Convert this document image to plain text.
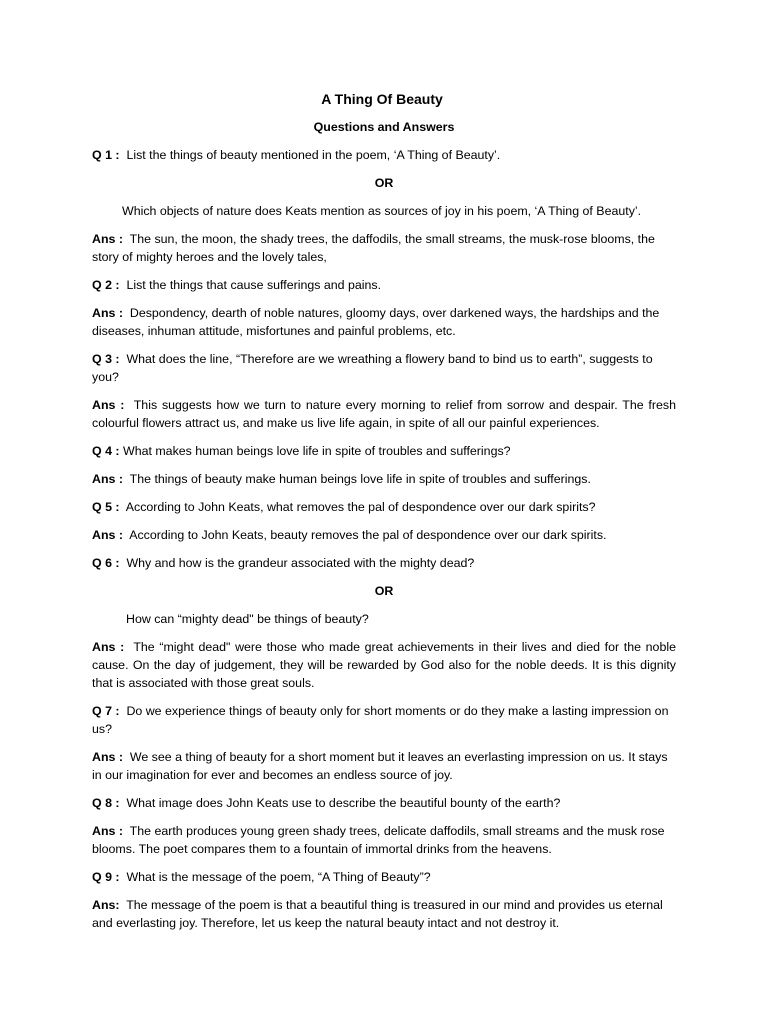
A Thing Of Beauty
Questions and Answers
Q 1 : List the things of beauty mentioned in the poem, ‘A Thing of Beauty’.
OR
Which objects of nature does Keats mention as sources of joy in his poem, ‘A Thing of Beauty’.
Ans : The sun, the moon, the shady trees, the daffodils, the small streams, the musk-rose blooms, the story of mighty heroes and the lovely tales,
Q 2 : List the things that cause sufferings and pains.
Ans : Despondency, dearth of noble natures, gloomy days, over darkened ways, the hardships and the diseases, inhuman attitude, misfortunes and painful problems, etc.
Q 3 : What does the line, “Therefore are we wreathing a flowery band to bind us to earth”, suggests to you?
Ans : This suggests how we turn to nature every morning to relief from sorrow and despair. The fresh colourful flowers attract us, and make us live life again, in spite of all our painful experiences.
Q 4 : What makes human beings love life in spite of troubles and sufferings?
Ans : The things of beauty make human beings love life in spite of troubles and sufferings.
Q 5 : According to John Keats, what removes the pal of despondence over our dark spirits?
Ans : According to John Keats, beauty removes the pal of despondence over our dark spirits.
Q 6 : Why and how is the grandeur associated with the mighty dead?
OR
How can “mighty dead" be things of beauty?
Ans : The “might dead" were those who made great achievements in their lives and died for the noble cause. On the day of judgement, they will be rewarded by God also for the noble deeds. It is this dignity that is associated with those great souls.
Q 7 : Do we experience things of beauty only for short moments or do they make a lasting impression on us?
Ans : We see a thing of beauty for a short moment but it leaves an everlasting impression on us. It stays in our imagination for ever and becomes an endless source of joy.
Q 8 : What image does John Keats use to describe the beautiful bounty of the earth?
Ans : The earth produces young green shady trees, delicate daffodils, small streams and the musk rose blooms. The poet compares them to a fountain of immortal drinks from the heavens.
Q 9 : What is the message of the poem, “A Thing of Beauty”?
Ans: The message of the poem is that a beautiful thing is treasured in our mind and provides us eternal and everlasting joy. Therefore, let us keep the natural beauty intact and not destroy it.
